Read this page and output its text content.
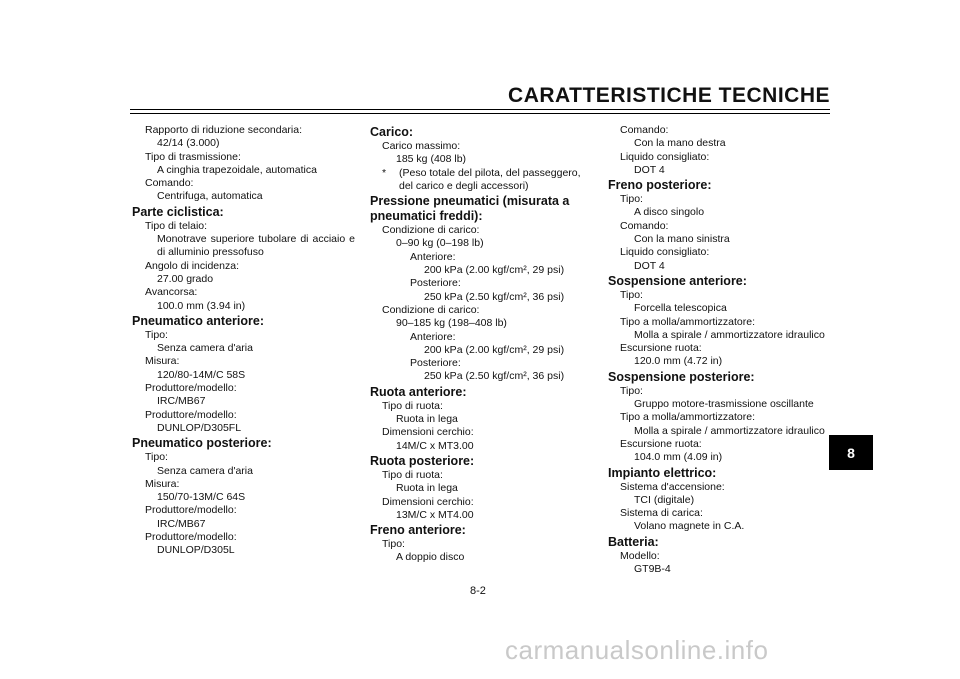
CARATTERISTICHE TECNICHE

Rapporto di riduzione secondaria:

42/14 (3.000)

Tipo di trasmissione:

A cinghia trapezoidale, automatica

Comando:

Centrifuga, automatica

Parte ciclistica:

Tipo di telaio:

Monotrave superiore tubolare di acciaio e di alluminio pressofuso

Angolo di incidenza:

27.00 grado

Avancorsa:

100.0 mm (3.94 in)

Pneumatico anteriore:

Tipo:

Senza camera d'aria

Misura:

120/80-14M/C 58S

Produttore/modello:

IRC/MB67

Produttore/modello:

DUNLOP/D305FL

Pneumatico posteriore:

Tipo:

Senza camera d'aria

Misura:

150/70-13M/C 64S

Produttore/modello:

IRC/MB67

Produttore/modello:

DUNLOP/D305L

Carico:

Carico massimo:

185 kg (408 lb)

*	(Peso totale del pilota, del passeggero, del carico e degli accessori)

Pressione pneumatici (misurata a pneumatici freddi):

Condizione di carico:

0–90 kg (0–198 lb)

Anteriore:

200 kPa (2.00 kgf/cm², 29 psi)

Posteriore:

250 kPa (2.50 kgf/cm², 36 psi)

Condizione di carico:

90–185 kg (198–408 lb)

Anteriore:

200 kPa (2.00 kgf/cm², 29 psi)

Posteriore:

250 kPa (2.50 kgf/cm², 36 psi)

Ruota anteriore:

Tipo di ruota:

Ruota in lega

Dimensioni cerchio:

14M/C x MT3.00

Ruota posteriore:

Tipo di ruota:

Ruota in lega

Dimensioni cerchio:

13M/C x MT4.00

Freno anteriore:

Tipo:

A doppio disco

Comando:

Con la mano destra

Liquido consigliato:

DOT 4

Freno posteriore:

Tipo:

A disco singolo

Comando:

Con la mano sinistra

Liquido consigliato:

DOT 4

Sospensione anteriore:

Tipo:

Forcella telescopica

Tipo a molla/ammortizzatore:

Molla a spirale / ammortizzatore idraulico

Escursione ruota:

120.0 mm (4.72 in)

Sospensione posteriore:

Tipo:

Gruppo motore-trasmissione oscillante

Tipo a molla/ammortizzatore:

Molla a spirale / ammortizzatore idraulico

Escursione ruota:

104.0 mm (4.09 in)

Impianto elettrico:

Sistema d'accensione:

TCI (digitale)

Sistema di carica:

Volano magnete in C.A.

Batteria:

Modello:

GT9B-4

8
8-2
carmanualsonline.info
